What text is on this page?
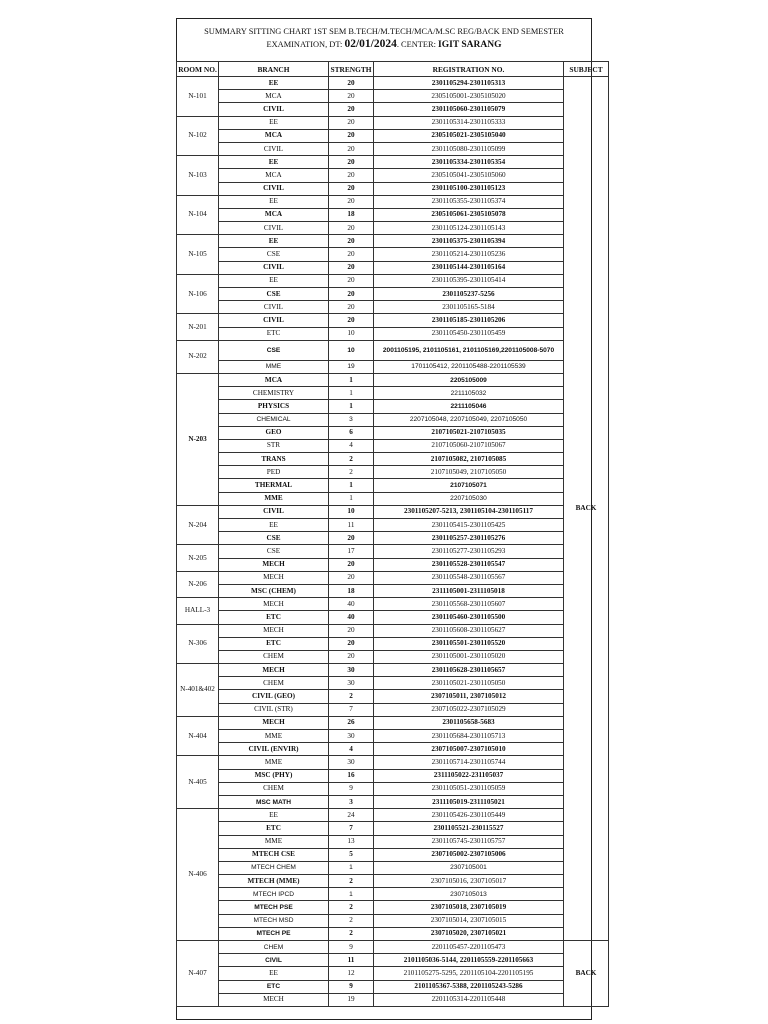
SUMMARY SITTING CHART 1ST SEM B.TECH/M.TECH/MCA/M.SC REG/BACK END SEMESTER
EXAMINATION, DT: 02/01/2024. CENTER: IGIT SARANG
ROOM NO.	BRANCH	STRENGTH	REGISTRATION NO.	SUBJECT
N-101	EE	20	2301105294-2301105313	BACK
	MCA	20	2305105001-2305105020	
	CIVIL	20	2301105060-2301105079	
N-102	EE	20	2301105314-2301105333	
	MCA	20	2305105021-2305105040	
	CIVIL	20	2301105080-2301105099	
N-103	EE	20	2301105334-2301105354	
	MCA	20	2305105041-2305105060	
	CIVIL	20	2301105100-2301105123	
N-104	EE	20	2301105355-2301105374	
	MCA	18	2305105061-2305105078	
	CIVIL	20	2301105124-2301105143	
N-105	EE	20	2301105375-2301105394	
	CSE	20	2301105214-2301105236	
	CIVIL	20	2301105144-2301105164	
N-106	EE	20	2301105395-2301105414	
	CSE	20	2301105237-5256	
	CIVIL	20	2301105165-5184	
N-201	CIVIL	20	2301105185-2301105206	
	ETC	10	2301105450-2301105459	
N-202	CSE	10	2001105195, 2101105161, 2101105169,2201105008-5070	
	MME	19	1701105412, 2201105488-2201105539	
N-203	MCA	1	2205105009	
	CHEMISTRY	1	2211105032	
	PHYSICS	1	2211105046	
	CHEMICAL	3	2207105048, 2207105049, 2207105050	
	GEO	6	2107105021-2107105035	
	STR	4	2107105060-2107105067	
	TRANS	2	2107105082, 2107105085	
	PED	2	2107105049, 2107105050	
	THERMAL	1	2107105071	
	MME	1	2207105030	
N-204	CIVIL	10	2301105207-5213, 2301105104-2301105117	
	EE	11	2301105415-2301105425	
	CSE	20	2301105257-2301105276	
N-205	CSE	17	2301105277-2301105293	
	MECH	20	2301105528-2301105547	
N-206	MECH	20	2301105548-2301105567	
	MSC (CHEM)	18	2311105001-2311105018	
HALL-3	MECH	40	2301105568-2301105607	
	ETC	40	2301105460-2301105500	
N-306	MECH	20	2301105608-2301105627	
	ETC	20	2301105501-2301105520	
	CHEM	20	2301105001-2301105020	
N-401&402	MECH	30	2301105628-2301105657	
	CHEM	30	2301105021-2301105050	
	CIVIL (GEO)	2	2307105011, 2307105012	
	CIVIL (STR)	7	2307105022-2307105029	
N-404	MECH	26	2301105658-5683	
	MME	30	2301105684-2301105713	
	CIVIL (ENVIR)	4	2307105007-2307105010	
N-405	MME	30	2301105714-2301105744	
	MSC (PHY)	16	2311105022-231105037	
	CHEM	9	2301105051-2301105059	
	MSC MATH	3	2311105019-2311105021	
N-406	EE	24	2301105426-2301105449	
	ETC	7	2301105521-230115527	
	MME	13	2301105745-2301105757	
	MTECH CSE	5	2307105002-2307105006	
	MTECH CHEM	1	2307105001	
	MTECH (MME)	2	2307105016, 2307105017	
	MTECH IPCD	1	2307105013	
	MTECH PSE	2	2307105018, 2307105019	
	MTECH MSD	2	2307105014, 2307105015	
	MTECH PE	2	2307105020, 2307105021	
N-407	CHEM	9	2201105457-2201105473	BACK
	CIVIL	11	2101105036-5144, 2201105559-2201105663	
	EE	12	2101105275-5295, 2201105104-2201105195	
	ETC	9	2101105367-5388, 2201105243-5286	
	MECH	19	2201105314-2201105448	
